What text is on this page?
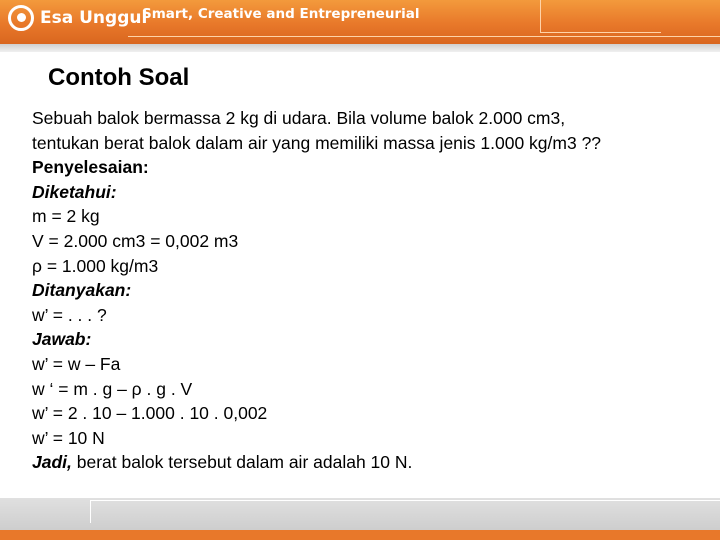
Esa Unggul
Smart, Creative and Entrepreneurial
Contoh Soal
Sebuah balok bermassa 2 kg di udara. Bila volume balok 2.000 cm3,
tentukan berat balok dalam air yang memiliki massa jenis 1.000 kg/m3 ??
Penyelesaian:
Diketahui:
m = 2 kg
V = 2.000 cm3 = 0,002 m3
ρ = 1.000 kg/m3
Ditanyakan:
w’ = . . . ?
Jawab:
w’ = w – Fa
w ‘ = m . g – ρ . g . V
w’ = 2 . 10 – 1.000 . 10 . 0,002
w’ = 10 N
Jadi, berat balok tersebut dalam air adalah 10 N.
